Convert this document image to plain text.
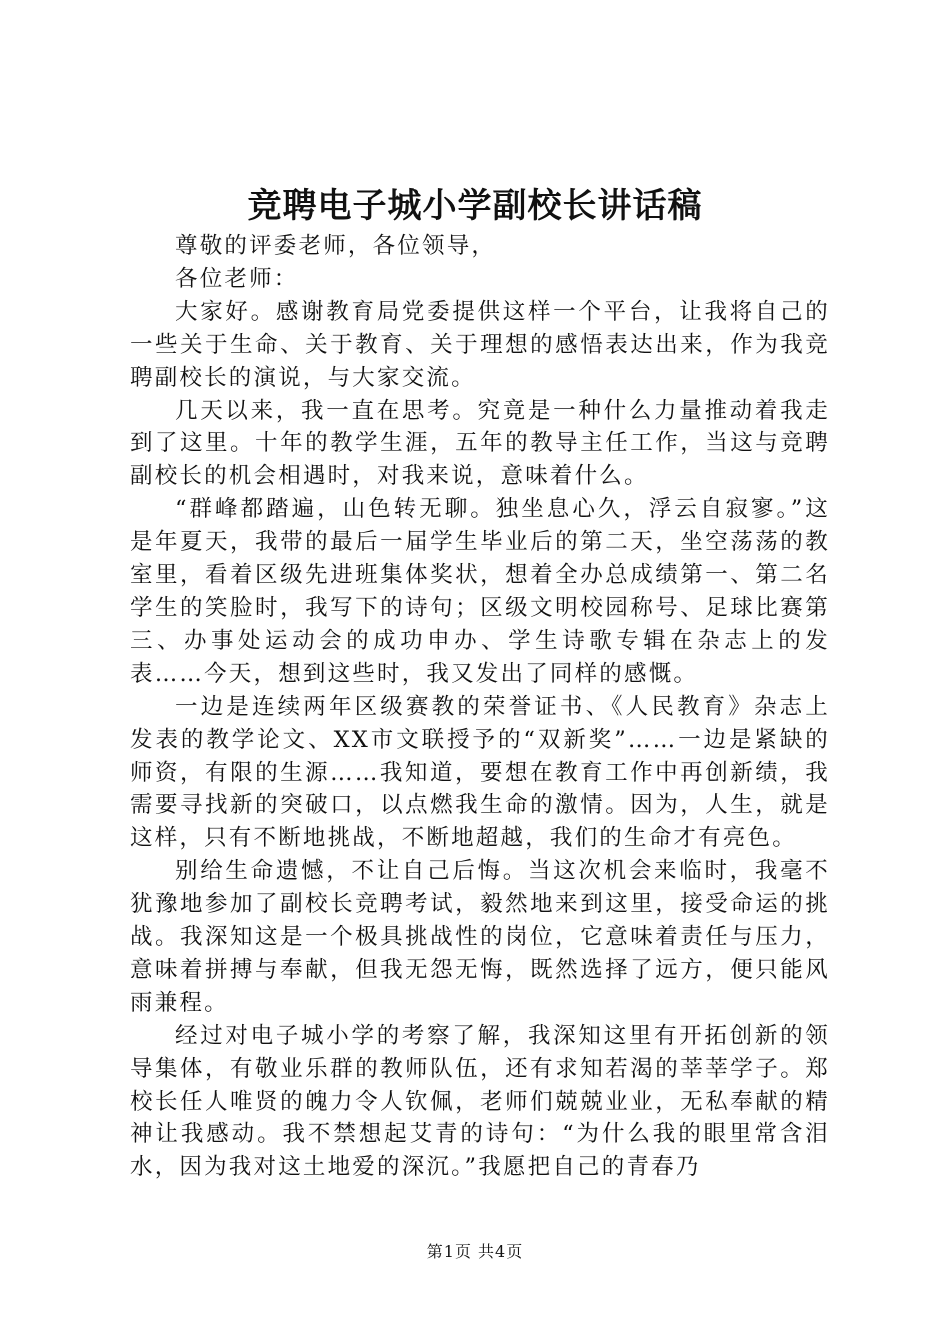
竞聘电子城小学副校长讲话稿

尊敬的评委老师，各位领导，

各位老师：

大家好。感谢教育局党委提供这样一个平台，让我将自己的一些关于生命、关于教育、关于理想的感悟表达出来，作为我竞聘副校长的演说，与大家交流。

几天以来，我一直在思考。究竟是一种什么力量推动着我走到了这里。十年的教学生涯，五年的教导主任工作，当这与竞聘副校长的机会相遇时，对我来说，意味着什么。

“群峰都踏遍，山色转无聊。独坐息心久，浮云自寂寥。”这是年夏天，我带的最后一届学生毕业后的第二天，坐空荡荡的教室里，看着区级先进班集体奖状，想着全办总成绩第一、第二名学生的笑脸时，我写下的诗句；区级文明校园称号、足球比赛第三、办事处运动会的成功申办、学生诗歌专辑在杂志上的发表……今天，想到这些时，我又发出了同样的感慨。

一边是连续两年区级赛教的荣誉证书、《人民教育》杂志上发表的教学论文、XX市文联授予的“双新奖”……一边是紧缺的师资，有限的生源……我知道，要想在教育工作中再创新绩，我需要寻找新的突破口，以点燃我生命的激情。因为，人生，就是这样，只有不断地挑战，不断地超越，我们的生命才有亮色。

别给生命遗憾，不让自己后悔。当这次机会来临时，我毫不犹豫地参加了副校长竞聘考试，毅然地来到这里，接受命运的挑战。我深知这是一个极具挑战性的岗位，它意味着责任与压力，意味着拼搏与奉献，但我无怨无悔，既然选择了远方，便只能风雨兼程。

经过对电子城小学的考察了解，我深知这里有开拓创新的领导集体，有敬业乐群的教师队伍，还有求知若渴的莘莘学子。郑校长任人唯贤的魄力令人钦佩，老师们兢兢业业，无私奉献的精神让我感动。我不禁想起艾青的诗句：“为什么我的眼里常含泪水，因为我对这土地爱的深沉。”我愿把自己的青春乃

第1页 共4页
